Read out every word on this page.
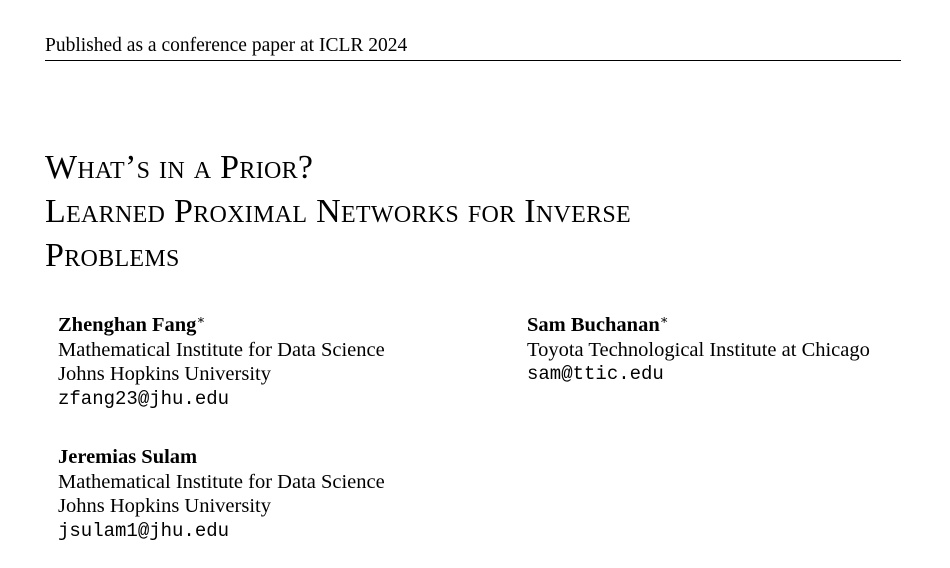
Published as a conference paper at ICLR 2024
What’s in a Prior?
Learned Proximal Networks for Inverse
Problems
Zhenghan Fang∗
Mathematical Institute for Data Science
Johns Hopkins University
zfang23@jhu.edu
Sam Buchanan∗
Toyota Technological Institute at Chicago
sam@ttic.edu
Jeremias Sulam
Mathematical Institute for Data Science
Johns Hopkins University
jsulam1@jhu.edu
